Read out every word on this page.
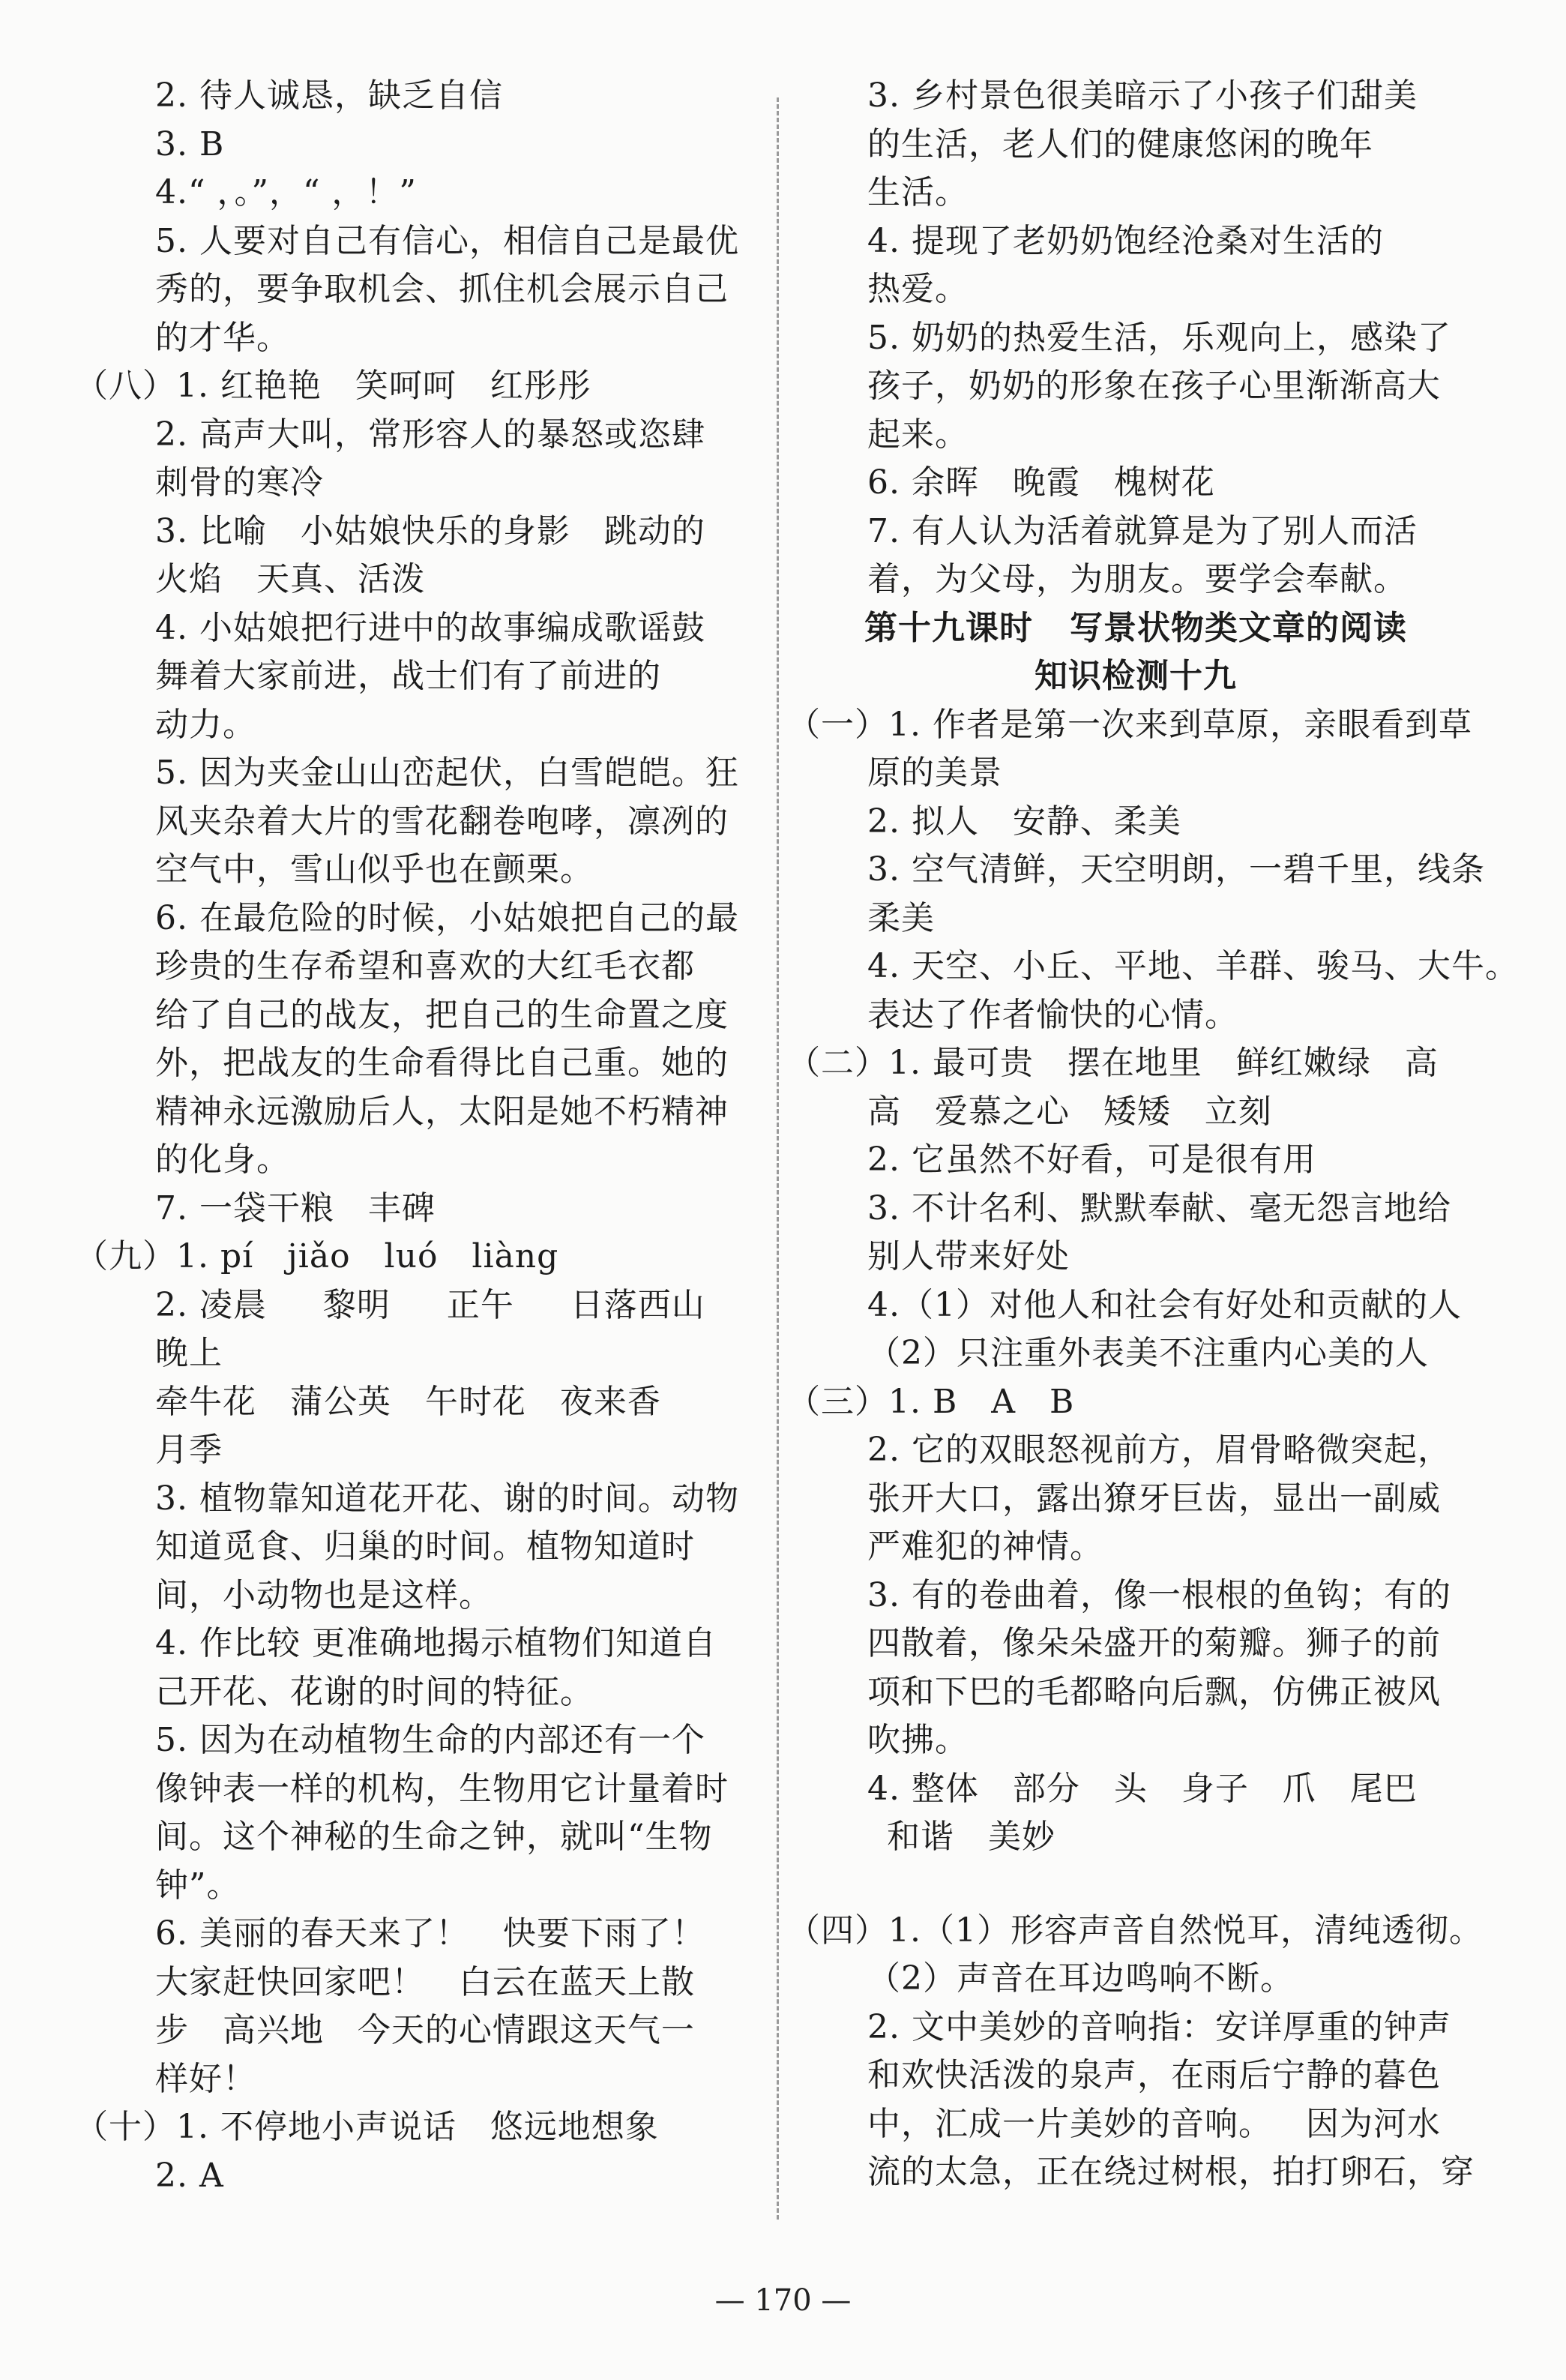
2. 待人诚恳，缺乏自信
3. B
4.“ ，。”，“ ，！”
5. 人要对自己有信心，相信自己是最优
秀的，要争取机会、抓住机会展示自己
的才华。
（八）1. 红艳艳   笑呵呵   红彤彤
2. 高声大叫，常形容人的暴怒或恣肆
刺骨的寒冷
3. 比喻   小姑娘快乐的身影   跳动的
火焰   天真、活泼
4. 小姑娘把行进中的故事编成歌谣鼓
舞着大家前进，战士们有了前进的
动力。
5. 因为夹金山山峦起伏，白雪皑皑。狂
风夹杂着大片的雪花翻卷咆哮，凛冽的
空气中，雪山似乎也在颤栗。
6. 在最危险的时候，小姑娘把自己的最
珍贵的生存希望和喜欢的大红毛衣都
给了自己的战友，把自己的生命置之度
外，把战友的生命看得比自己重。她的
精神永远激励后人，太阳是她不朽精神
的化身。
7. 一袋干粮   丰碑
（九）1. pí   jiǎo   luó   liàng
2. 凌晨     黎明     正午     日落西山
晚上
牵牛花   蒲公英   午时花   夜来香
月季
3. 植物靠知道花开花、谢的时间。动物
知道觅食、归巢的时间。植物知道时
间，小动物也是这样。
4. 作比较 更准确地揭示植物们知道自
己开花、花谢的时间的特征。
5. 因为在动植物生命的内部还有一个
像钟表一样的机构，生物用它计量着时
间。这个神秘的生命之钟，就叫“生物
钟”。
6. 美丽的春天来了！   快要下雨了！
大家赶快回家吧！   白云在蓝天上散
步   高兴地   今天的心情跟这天气一
样好！
（十）1. 不停地小声说话   悠远地想象
2. A
3. 乡村景色很美暗示了小孩子们甜美
的生活，老人们的健康悠闲的晚年
生活。
4. 提现了老奶奶饱经沧桑对生活的
热爱。
5. 奶奶的热爱生活，乐观向上，感染了
孩子，奶奶的形象在孩子心里渐渐高大
起来。
6. 余晖   晚霞   槐树花
7. 有人认为活着就算是为了别人而活
着，为父母，为朋友。要学会奉献。
第十九课时   写景状物类文章的阅读
知识检测十九
（一）1. 作者是第一次来到草原，亲眼看到草
原的美景
2. 拟人   安静、柔美
3. 空气清鲜，天空明朗，一碧千里，线条
柔美
4. 天空、小丘、平地、羊群、骏马、大牛。
表达了作者愉快的心情。
（二）1. 最可贵   摆在地里   鲜红嫩绿   高
高   爱慕之心   矮矮   立刻
2. 它虽然不好看，可是很有用
3. 不计名利、默默奉献、毫无怨言地给
别人带来好处
4.（1）对他人和社会有好处和贡献的人
（2）只注重外表美不注重内心美的人
（三）1. B   A   B
2. 它的双眼怒视前方，眉骨略微突起，
张开大口，露出獠牙巨齿，显出一副威
严难犯的神情。
3. 有的卷曲着，像一根根的鱼钩；有的
四散着，像朵朵盛开的菊瓣。狮子的前
项和下巴的毛都略向后飘，仿佛正被风
吹拂。
4. 整体   部分   头   身子   爪   尾巴
和谐   美妙
（四）1.（1）形容声音自然悦耳，清纯透彻。
（2）声音在耳边鸣响不断。
2. 文中美妙的音响指：安详厚重的钟声
和欢快活泼的泉声，在雨后宁静的暮色
中，汇成一片美妙的音响。   因为河水
流的太急，正在绕过树根，拍打卵石，穿
— 170 —
